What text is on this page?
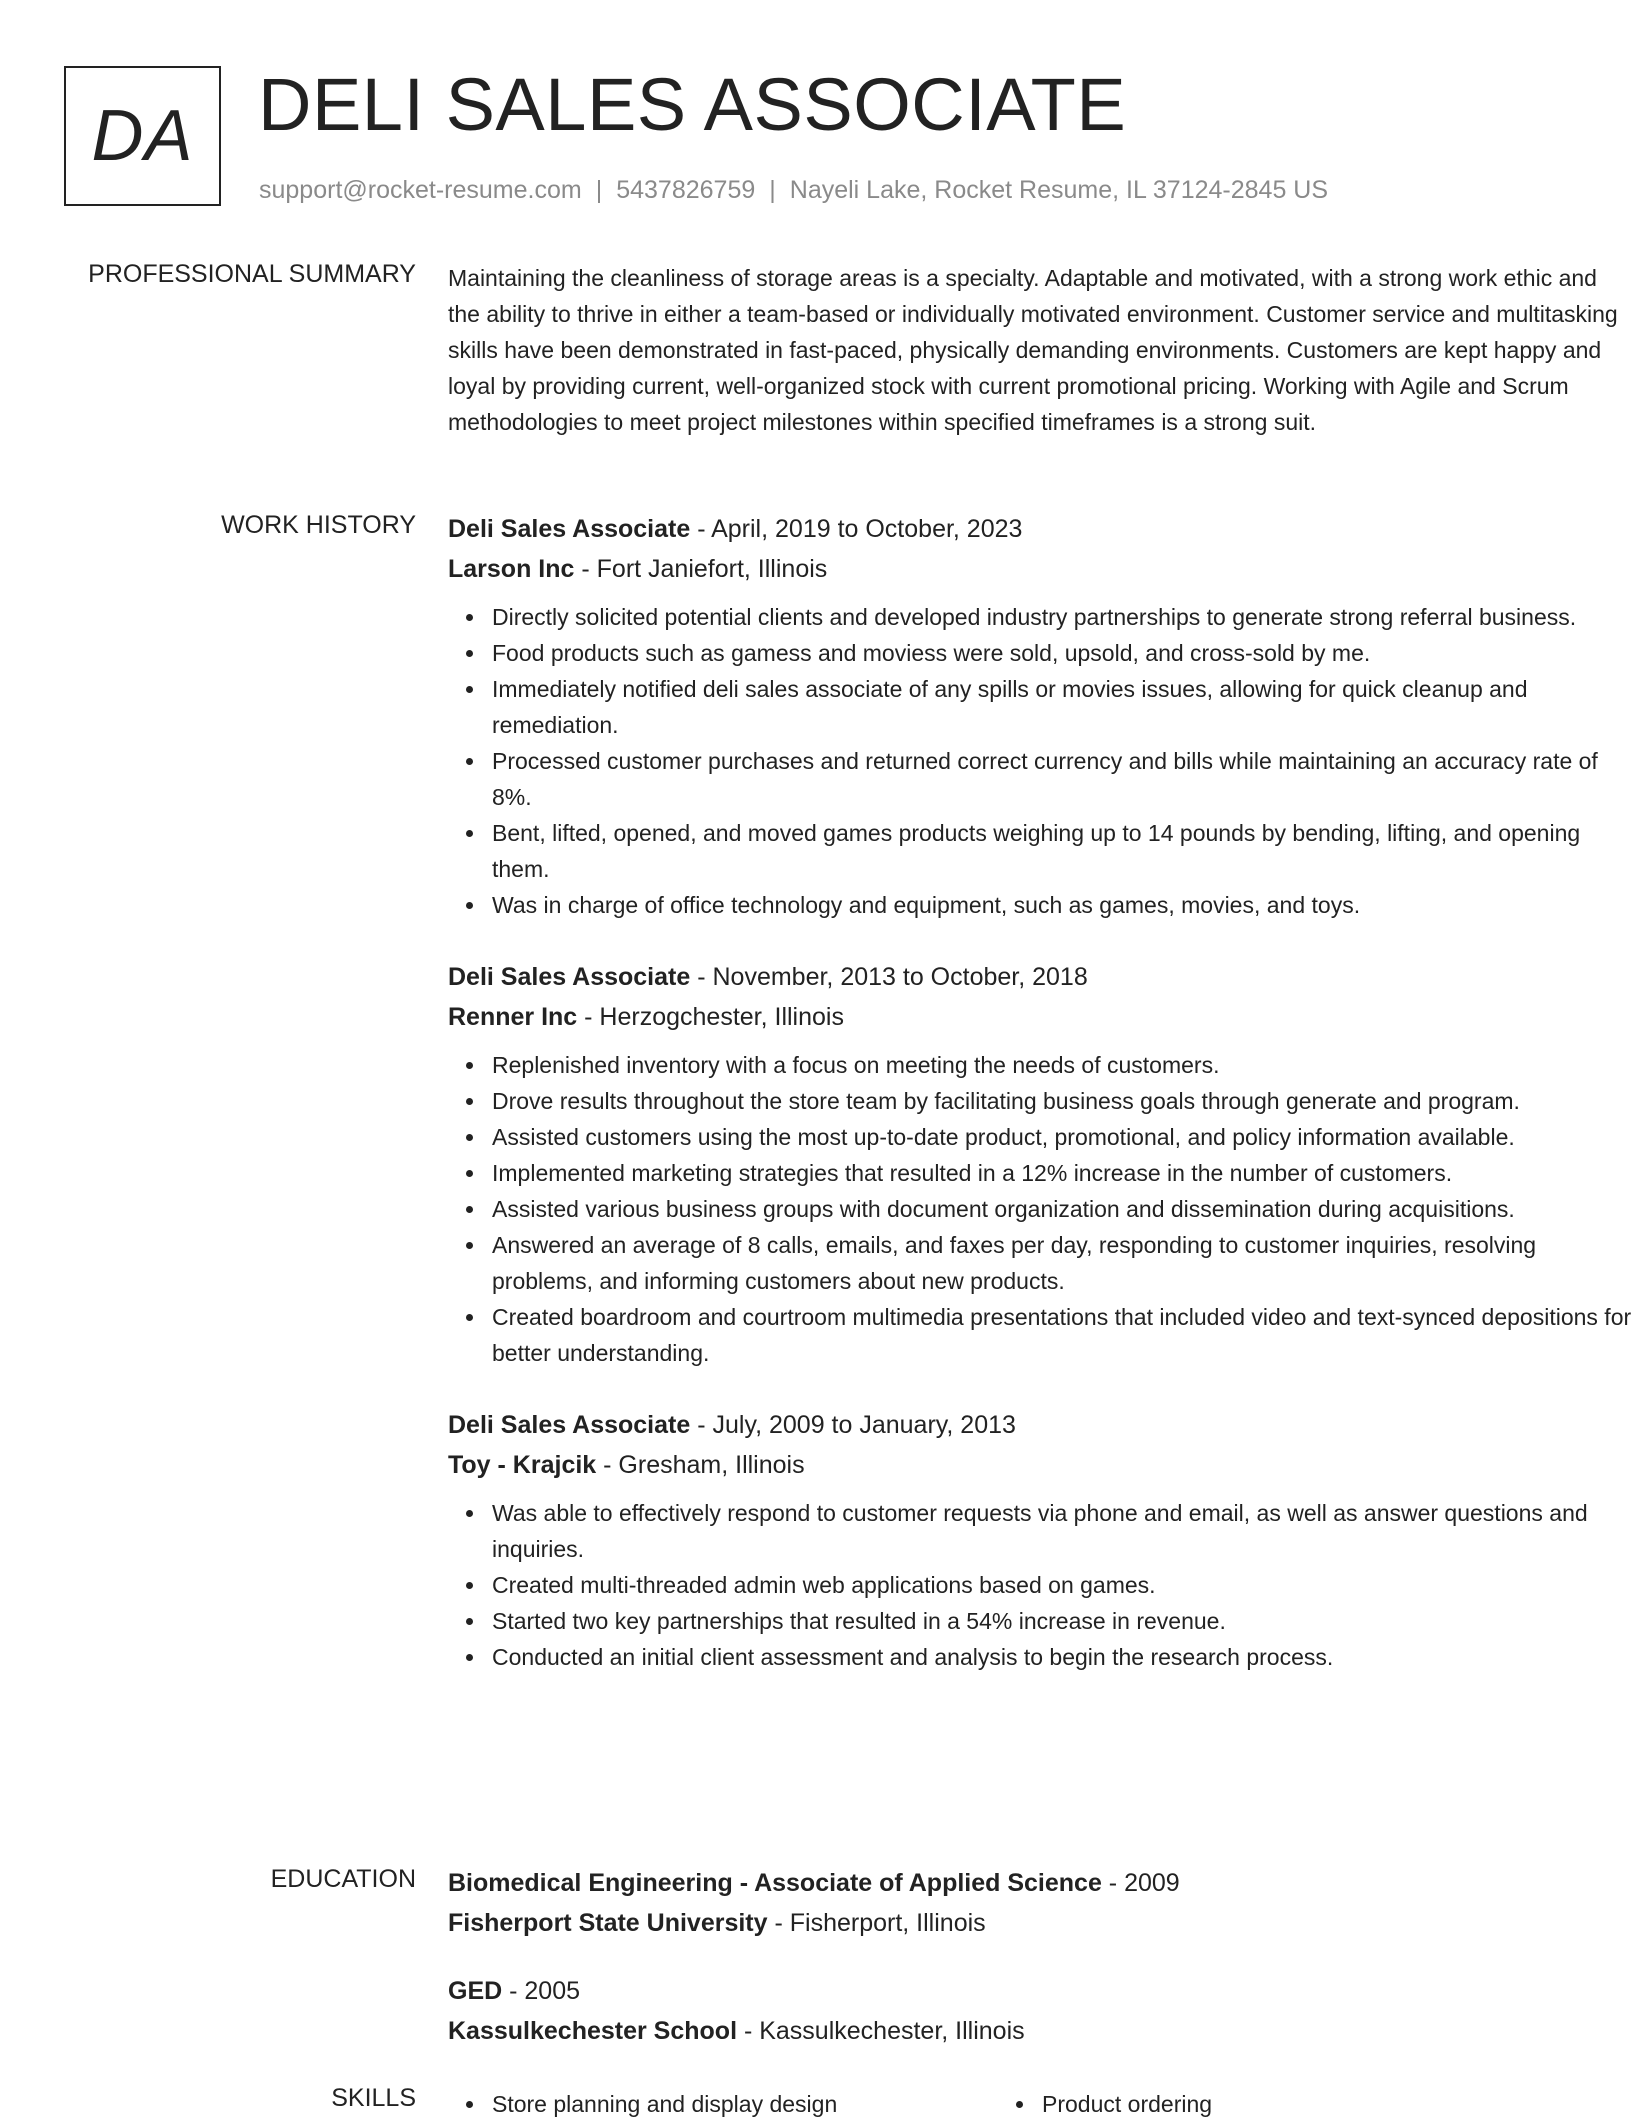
DA DELI SALES ASSOCIATE
support@rocket-resume.com | 5437826759 | Nayeli Lake, Rocket Resume, IL 37124-2845 US
PROFESSIONAL SUMMARY Maintaining the cleanliness of storage areas is a specialty. Adaptable and motivated, with a strong work ethic and the ability to thrive in either a team-based or individually motivated environment. Customer service and multitasking skills have been demonstrated in fast-paced, physically demanding environments. Customers are kept happy and loyal by providing current, well-organized stock with current promotional pricing. Working with Agile and Scrum methodologies to meet project milestones within specified timeframes is a strong suit.

WORK HISTORY Deli Sales Associate - April, 2019 to October, 2023
Larson Inc - Fort Janiefort, Illinois
Directly solicited potential clients and developed industry partnerships to generate strong referral business.
Food products such as gamess and moviess were sold, upsold, and cross-sold by me.
Immediately notified deli sales associate of any spills or movies issues, allowing for quick cleanup and remediation.
Processed customer purchases and returned correct currency and bills while maintaining an accuracy rate of 8%.
Bent, lifted, opened, and moved games products weighing up to 14 pounds by bending, lifting, and opening them.
Was in charge of office technology and equipment, such as games, movies, and toys.
Deli Sales Associate - November, 2013 to October, 2018
Renner Inc - Herzogchester, Illinois
Replenished inventory with a focus on meeting the needs of customers.
Drove results throughout the store team by facilitating business goals through generate and program.
Assisted customers using the most up-to-date product, promotional, and policy information available.
Implemented marketing strategies that resulted in a 12% increase in the number of customers.
Assisted various business groups with document organization and dissemination during acquisitions.
Answered an average of 8 calls, emails, and faxes per day, responding to customer inquiries, resolving problems, and informing customers about new products.
Created boardroom and courtroom multimedia presentations that included video and text-synced depositions for better understanding.
Deli Sales Associate - July, 2009 to January, 2013
Toy - Krajcik - Gresham, Illinois
Was able to effectively respond to customer requests via phone and email, as well as answer questions and inquiries.
Created multi-threaded admin web applications based on games.
Started two key partnerships that resulted in a 54% increase in revenue.
Conducted an initial client assessment and analysis to begin the research process.
EDUCATION Biomedical Engineering - Associate of Applied Science - 2009
Fisherport State University - Fisherport, Illinois
GED - 2005
Kassulkechester School - Kassulkechester, Illinois
SKILLS	Store planning and display design	Product ordering
